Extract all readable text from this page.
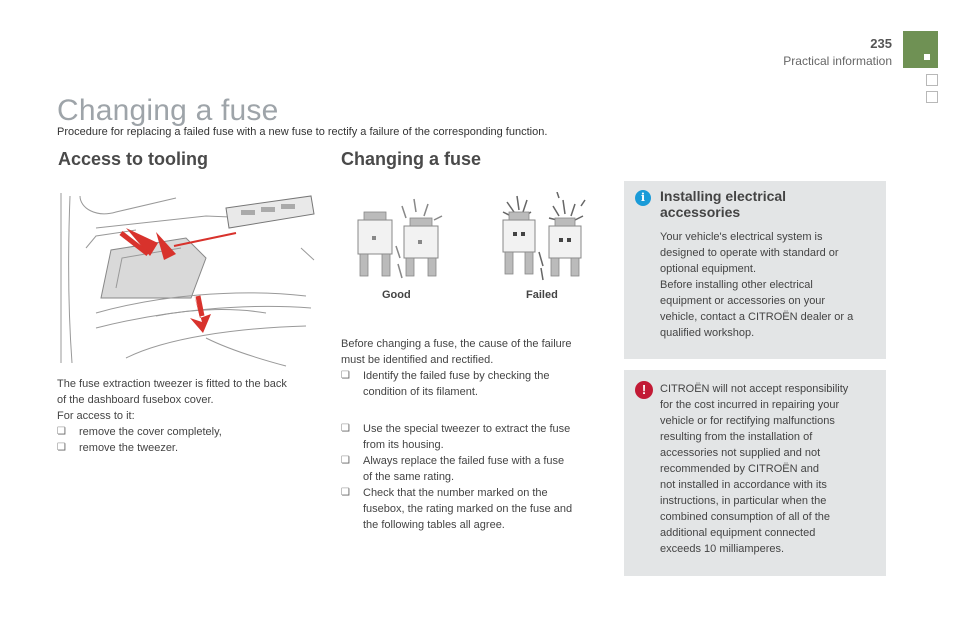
235
Practical information
Changing a fuse
Procedure for replacing a failed fuse with a new fuse to rectify a failure of the corresponding function.
Access to tooling

The fuse extraction tweezer is fitted to the back

of the dashboard fusebox cover.

For access to it:

❏ remove the cover completely,

❏ remove the tweezer.

Changing a fuse
Good	Failed

Before changing a fuse, the cause of the failure

must be identified and rectified.

❏ Identify the failed fuse by checking the
condition of its filament.

❏ Use the special tweezer to extract the fuse
from its housing.

❏ Always replace the failed fuse with a fuse
of the same rating.

❏ Check that the number marked on the
fusebox, the rating marked on the fuse and
the following tables all agree.

i	Installing electrical
accessories

Your vehicle's electrical system is

designed to operate with standard or

optional equipment.

Before installing other electrical

equipment or accessories on your

vehicle, contact a CITROËN dealer or a

qualified workshop.

!	CITROËN will not accept responsibility

for the cost incurred in repairing your

vehicle or for rectifying malfunctions

resulting from the installation of

accessories not supplied and not

recommended by CITROËN and

not installed in accordance with its

instructions, in particular when the

combined consumption of all of the

additional equipment connected

exceeds 10 milliamperes.
